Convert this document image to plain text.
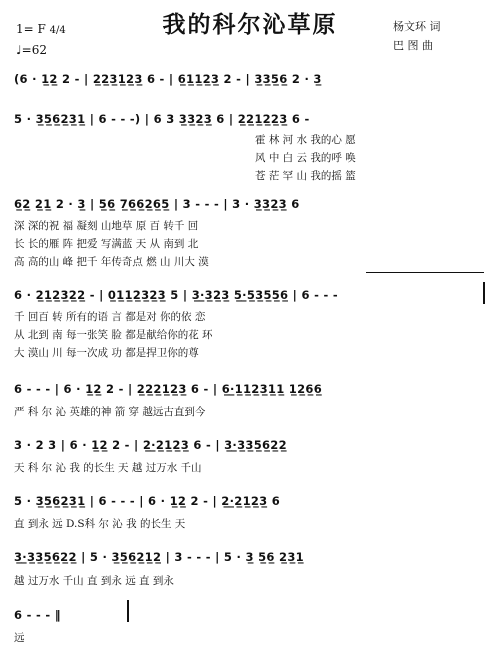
我的科尔沁草原	杨文环 词
巴 图 曲
1= F 4/4
♩=62
(6 · 1̲2̲ 2 - | 2̲2̲3̲1̲2̲3̲ 6 - | 6̲1̲1̲2̲3̲ 2 - | 3̲3̲5̲6̲ 2 · 3̲
5 · 3̲5̲6̲2̲3̲1̲ | 6 - - -) | 6 3 3̲3̲2̲3̲ 6 | 2̲2̲1̲2̲2̲3̲ 6 -
霍 林 河 水 我的心 愿
风 中 白 云 我的呼 唤
苍 茫 罕 山 我的摇 篮
6̲2̲ 2̲1̲ 2 · 3̲ | 5̲6̲ 7̲6̲6̲2̲6̲5̲ | 3 - - - | 3 · 3̲3̲2̲3̲ 6
深 深的祝 福 凝刻 山地草 原 百 转千 回
长 长的雁 阵 把爱 写满蓝 天 从 南到 北
高 高的山 峰 把千 年传奇点 燃 山 川大 漠
6 · 2̲1̲2̲3̲2̲2̲ - | 0̲1̲1̲2̲3̲2̲3̲ 5 | 3̲·̲3̲2̲3̲ 5̲·̲5̲3̲5̲5̲6̲ | 6 - - -
千 回百 转 所有的语 言 都是对 你的依 恋
从 北到 南 每一张笑 脸 都是献给你的花 环
大 漠山 川 每一次成 功 都是捍卫你的尊
6 - - - | 6 · 1̲2̲ 2 - | 2̲2̲2̲1̲2̲3̲ 6 - | 6̲·̲1̲1̲2̲3̲1̲1̲ 1̲2̲6̲6̲
严 科 尔 沁 英雄的神 箭 穿 越远古直到今
3 · 2 3 | 6 · 1̲2̲ 2 - | 2̲·̲2̲1̲2̲3̲ 6 - | 3̲·̲3̲3̲5̲6̲2̲2̲
天 科 尔 沁 我 的长生 天 越 过万水 千山
5 · 3̲5̲6̲2̲3̲1̲ | 6 - - - | 6 · 1̲2̲ 2 - | 2̲·̲2̲1̲2̲3̲ 6
直 到永 远 D.S科 尔 沁 我 的长生 天
3̲·̲3̲3̲5̲6̲2̲2̲ | 5 · 3̲5̲6̲2̲1̲2̲ | 3 - - - | 5 · 3̲ 5̲6̲ 2̲3̲1̲
越 过万水 千山 直 到永 远 直 到永
6 - - - ‖
远
